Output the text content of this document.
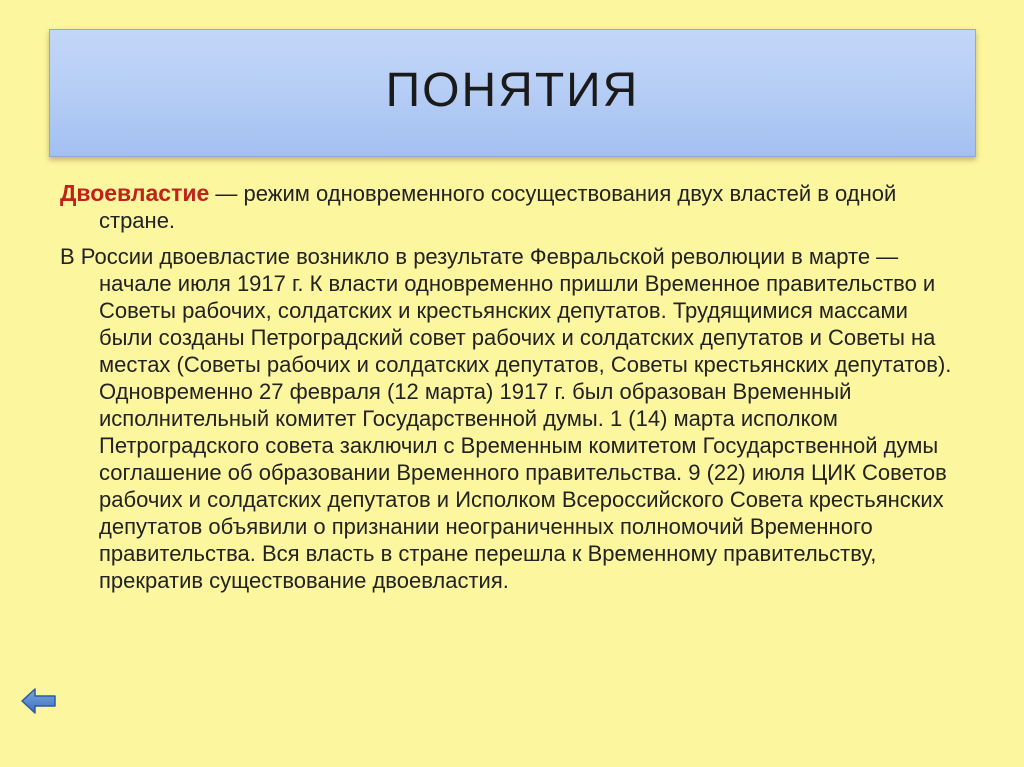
ПОНЯТИЯ

Двоевластие — режим одновременного сосуществования двух властей в одной стране.

В России двоевластие возникло в результате Февральской революции в марте — начале июля 1917 г. К власти одновременно пришли Временное правительство и Советы рабочих, солдатских и крестьянских депутатов. Трудящимися массами были созданы Петроградский совет рабочих и солдатских депутатов и Советы на местах (Советы рабочих и солдатских депутатов, Советы крестьянских депутатов). Одновременно 27 февраля (12 марта) 1917 г. был образован Временный исполнительный комитет Государственной думы. 1 (14) марта исполком Петроградского совета заключил с Временным комитетом Государственной думы соглашение об образовании Временного правительства. 9 (22) июля ЦИК Советов рабочих и солдатских депутатов и Исполком Всероссийского Совета крестьянских депутатов объявили о признании неограниченных полномочий Временного правительства. Вся власть в стране перешла к Временному правительству, прекратив существование двоевластия.
